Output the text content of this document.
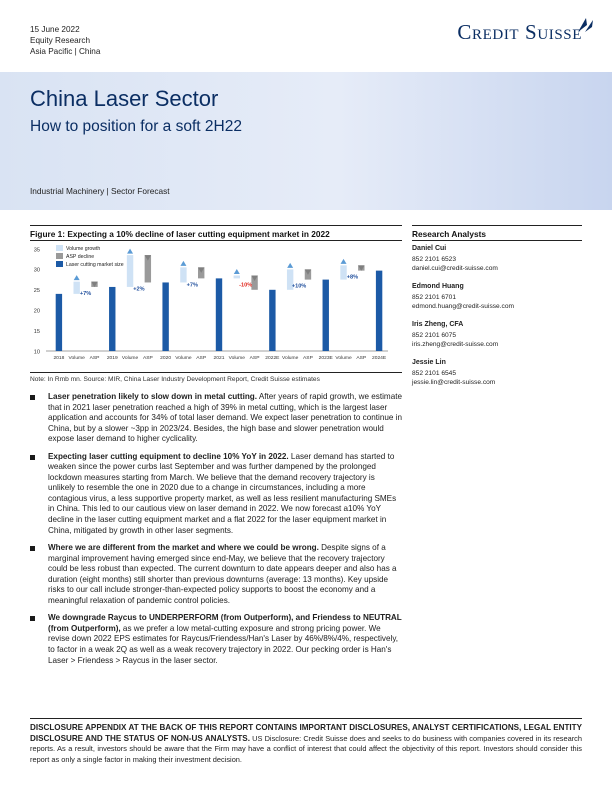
15 June 2022
Equity Research
Asia Pacific | China
Credit Suisse
China Laser Sector
How to position for a soft 2H22
Industrial Machinery | Sector Forecast
Figure 1: Expecting a 10% decline of laser cutting equipment market in 2022	Research Analysts
35
30
25
20
15
10
2018 Volume ASP 2019 Volume ASP 2020 Volume ASP 2021 Volume ASP 2022E Volume ASP 2023E Volume ASP 2024E
+7%
+2%
+7%	-10%	+10%
+8%
Volume growth
ASP decline
Laser cutting market size
Note: In Rmb mn. Source: MIR, China Laser Industry Development Report, Credit Suisse estimates
Daniel Cui
852 2101 6523
daniel.cui@credit-suisse.com
Edmond Huang
852 2101 6701
edmond.huang@credit-suisse.com
Iris Zheng, CFA
852 2101 6075
iris.zheng@credit-suisse.com
Jessie Lin
852 2101 6545
jessie.lin@credit-suisse.com
Laser penetration likely to slow down in metal cutting. After years of rapid growth, we estimate that in 2021 laser penetration reached a high of 39% in metal cutting, which is the largest laser application and accounts for 34% of total laser demand. We expect laser penetration to continue in China, but by a slower ~3pp in 2023/24. Besides, the high base and slower penetration would expose laser demand to higher cyclicality.
Expecting laser cutting equipment to decline 10% YoY in 2022. Laser demand has started to weaken since the power curbs last September and was further dampened by the prolonged lockdown measures starting from March. We believe that the demand recovery trajectory is unlikely to resemble the one in 2020 due to a change in circumstances, including a more contagious virus, a less supportive property market, as well as less resilient manufacturing SMEs in China. This led to our cautious view on laser demand in 2022. We now forecast a10% YoY decline in the laser cutting equipment market and a flat 2022 for the laser equipment market in China, mitigated by growth in other laser segments.
Where we are different from the market and where we could be wrong. Despite signs of a marginal improvement having emerged since end-May, we believe that the recovery trajectory could be less robust than expected. The current downturn to date appears deeper and also has a duration (eight months) still shorter than previous downturns (average: 13 months). Key upside risks to our call include stronger-than-expected policy supports to boost the economy and a meaningful relaxation of pandemic control policies.
We downgrade Raycus to UNDERPERFORM (from Outperform), and Friendess to NEUTRAL (from Outperform), as we prefer a low metal-cutting exposure and strong pricing power. We revise down 2022 EPS estimates for Raycus/Friendess/Han's Laser by 46%/8%/4%, respectively, to factor in a weak 2Q as well as a weak recovery trajectory in 2022. Our pecking order is Han's Laser > Friendess > Raycus in the laser sector.
DISCLOSURE APPENDIX AT THE BACK OF THIS REPORT CONTAINS IMPORTANT DISCLOSURES, ANALYST CERTIFICATIONS, LEGAL ENTITY DISCLOSURE AND THE STATUS OF NON-US ANALYSTS. US Disclosure: Credit Suisse does and seeks to do business with companies covered in its research reports. As a result, investors should be aware that the Firm may have a conflict of interest that could affect the objectivity of this report. Investors should consider this report as only a single factor in making their investment decision.
